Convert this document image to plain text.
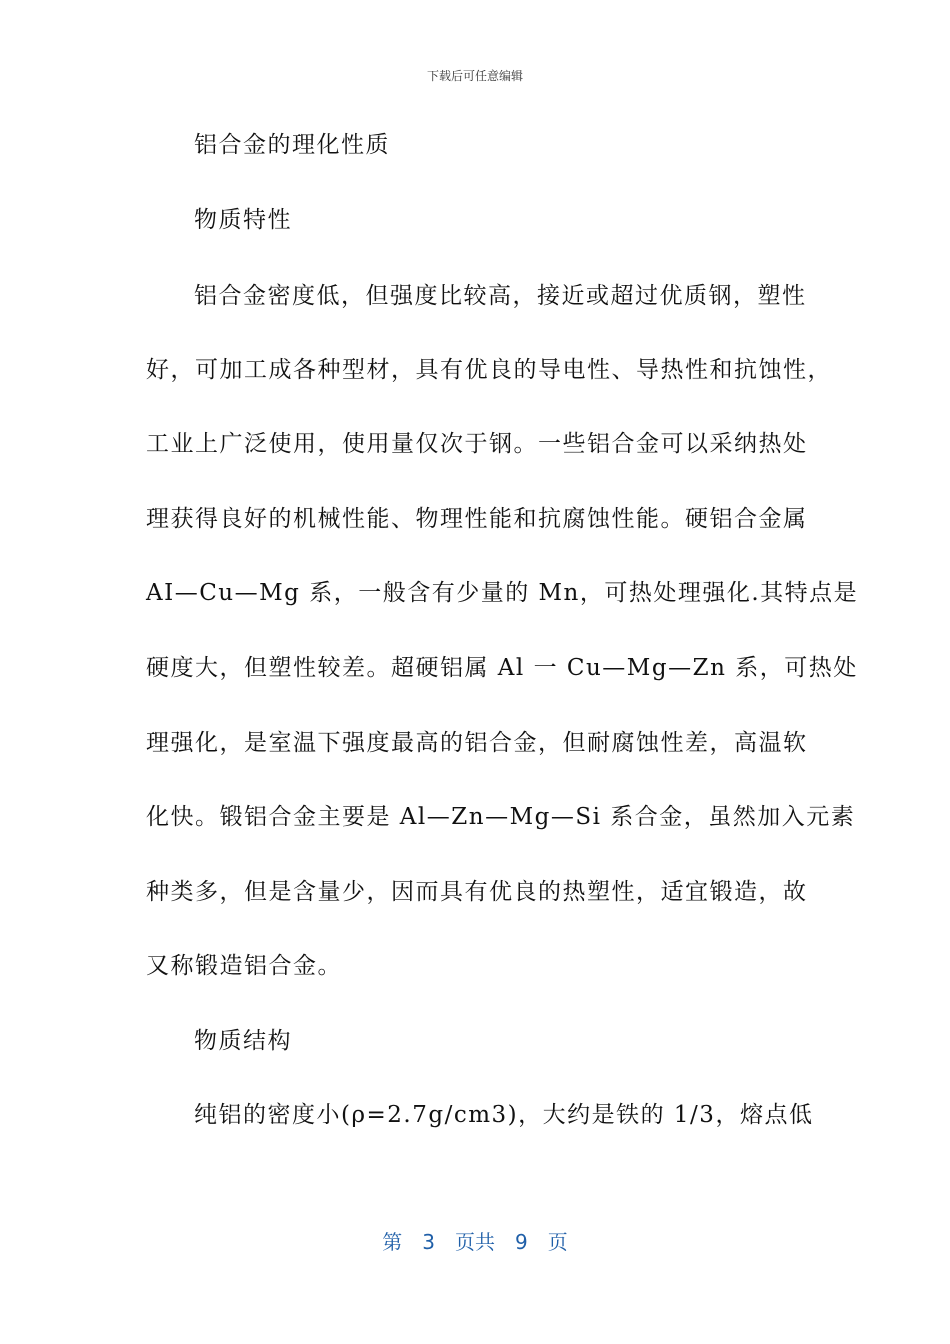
下载后可任意编辑
铝合金的理化性质
物质特性
铝合金密度低，但强度比较高，接近或超过优质钢，塑性
好，可加工成各种型材，具有优良的导电性、导热性和抗蚀性，
工业上广泛使用，使用量仅次于钢。一些铝合金可以采纳热处
理获得良好的机械性能、物理性能和抗腐蚀性能。硬铝合金属
AI—Cu—Mg 系，一般含有少量的 Mn，可热处理强化.其特点是
硬度大，但塑性较差。超硬铝属 Al 一 Cu—Mg—Zn 系，可热处
理强化，是室温下强度最高的铝合金，但耐腐蚀性差，高温软
化快。锻铝合金主要是 Al—Zn—Mg—Si 系合金，虽然加入元素
种类多，但是含量少，因而具有优良的热塑性，适宜锻造，故
又称锻造铝合金。
物质结构
纯铝的密度小(ρ=2.7g/cm3)，大约是铁的 1/3，熔点低
第 3 页共 9 页
